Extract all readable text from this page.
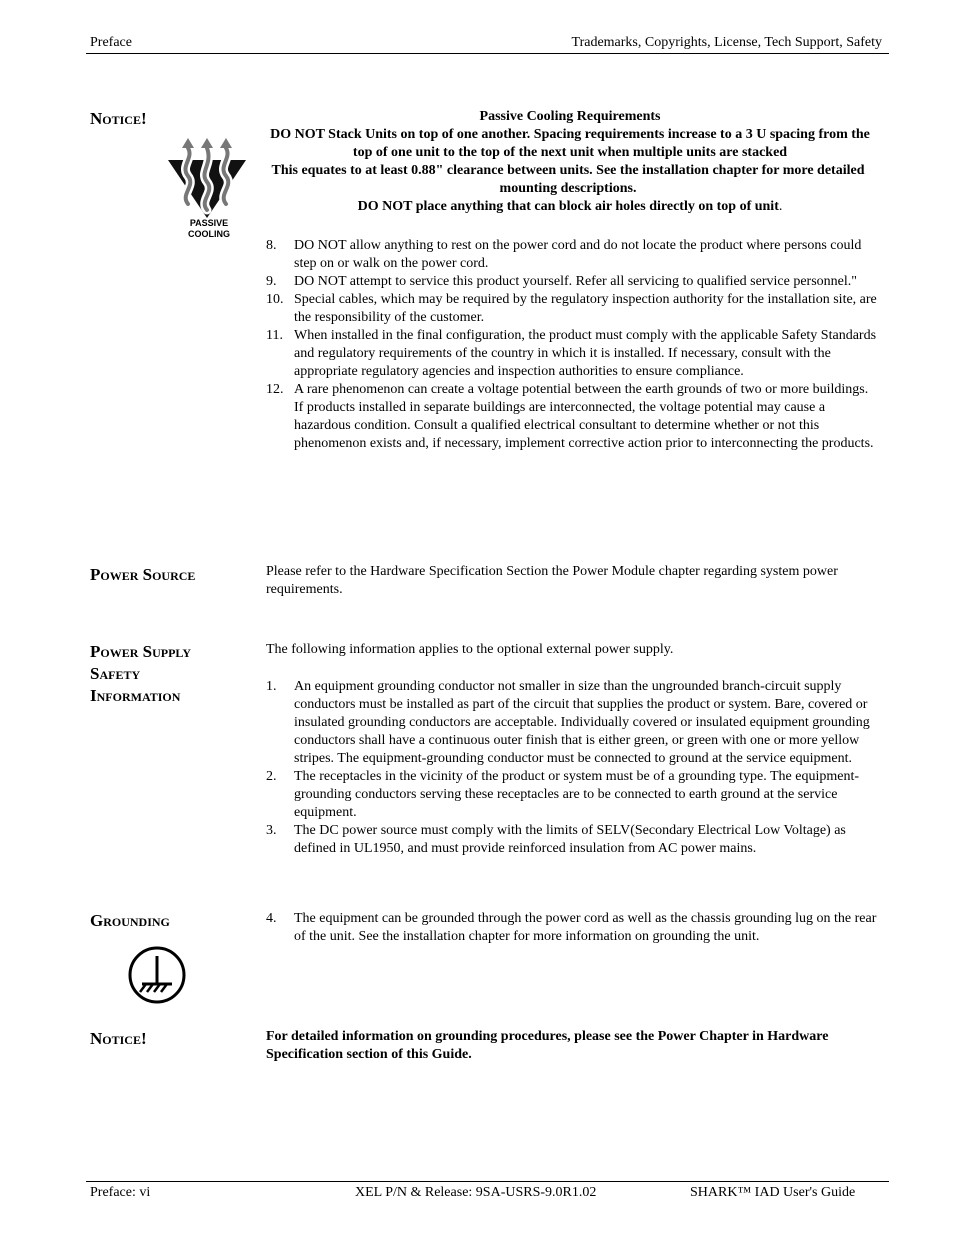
Preface	Trademarks, Copyrights, License, Tech Support, Safety
Notice!
PASSIVE
COOLING
Passive Cooling Requirements
DO NOT Stack Units on top of one another. Spacing requirements increase to a 3 U spacing from the top of one unit to the top of the next unit when multiple units are stacked
This equates to at least 0.88" clearance between units. See the installation chapter for more detailed mounting descriptions.
DO NOT place anything that can block air holes directly on top of unit.
8. DO NOT allow anything to rest on the power cord and do not locate the product where persons could step on or walk on the power cord.
9. DO NOT attempt to service this product yourself. Refer all servicing to qualified service personnel."
10. Special cables, which may be required by the regulatory inspection authority for the installation site, are the responsibility of the customer.
11. When installed in the final configuration, the product must comply with the applicable Safety Standards and regulatory requirements of the country in which it is installed. If necessary, consult with the appropriate regulatory agencies and inspection authorities to ensure compliance.
12. A rare phenomenon can create a voltage potential between the earth grounds of two or more buildings. If products installed in separate buildings are interconnected, the voltage potential may cause a hazardous condition. Consult a qualified electrical consultant to determine whether or not this phenomenon exists and, if necessary, implement corrective action prior to interconnecting the products.
Power Source	Please refer to the Hardware Specification Section the Power Module chapter regarding system power requirements.
Power Supply
Safety
Information
The following information applies to the optional external power supply.
1. An equipment grounding conductor not smaller in size than the ungrounded branch-circuit supply conductors must be installed as part of the circuit that supplies the product or system. Bare, covered or insulated grounding conductors are acceptable. Individually covered or insulated equipment grounding conductors shall have a continuous outer finish that is either green, or green with one or more yellow stripes. The equipment-grounding conductor must be connected to ground at the service equipment.
2. The receptacles in the vicinity of the product or system must be of a grounding type. The equipment-grounding conductors serving these receptacles are to be connected to earth ground at the service equipment.
3. The DC power source must comply with the limits of SELV(Secondary Electrical Low Voltage) as defined in UL1950, and must provide reinforced insulation from AC power mains.
Grounding	4. The equipment can be grounded through the power cord as well as the chassis grounding lug on the rear of the unit. See the installation chapter for more information on grounding the unit.
Notice!	For detailed information on grounding procedures, please see the Power Chapter in Hardware Specification section of this Guide.
Preface: vi	XEL P/N & Release: 9SA-USRS-9.0R1.02	SHARK™ IAD User's Guide
